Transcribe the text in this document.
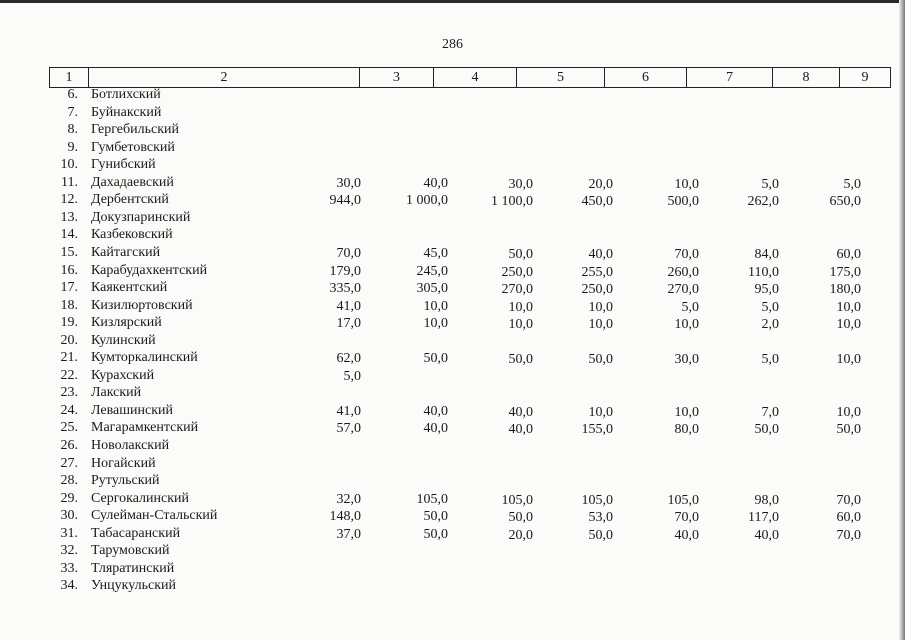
286
1	2	3	4	5	6	7	8	9
6. Ботлихский
7. Буйнакский
8. Гергебильский
9. Гумбетовский
10. Гунибский
11. Дахадаевский	30,0	40,0	30,0	20,0	10,0	5,0	5,0
12. Дербентский	944,0	1 000,0	1 100,0	450,0	500,0	262,0	650,0
13. Докузпаринский
14. Казбековский
15. Кайтагский	70,0	45,0	50,0	40,0	70,0	84,0	60,0
16. Карабудахкентский	179,0	245,0	250,0	255,0	260,0	110,0	175,0
17. Каякентский	335,0	305,0	270,0	250,0	270,0	95,0	180,0
18. Кизилюртовский	41,0	10,0	10,0	10,0	5,0	5,0	10,0
19. Кизлярский	17,0	10,0	10,0	10,0	10,0	2,0	10,0
20. Кулинский
21. Кумторкалинский	62,0	50,0	50,0	50,0	30,0	5,0	10,0
22. Курахский	5,0
23. Лакский
24. Левашинский	41,0	40,0	40,0	10,0	10,0	7,0	10,0
25. Магарамкентский	57,0	40,0	40,0	155,0	80,0	50,0	50,0
26. Новолакский
27. Ногайский
28. Рутульский
29. Сергокалинский	32,0	105,0	105,0	105,0	105,0	98,0	70,0
30. Сулейман-Стальский	148,0	50,0	50,0	53,0	70,0	117,0	60,0
31. Табасаранский	37,0	50,0	20,0	50,0	40,0	40,0	70,0
32. Тарумовский
33. Тляратинский
34. Унцукульский
